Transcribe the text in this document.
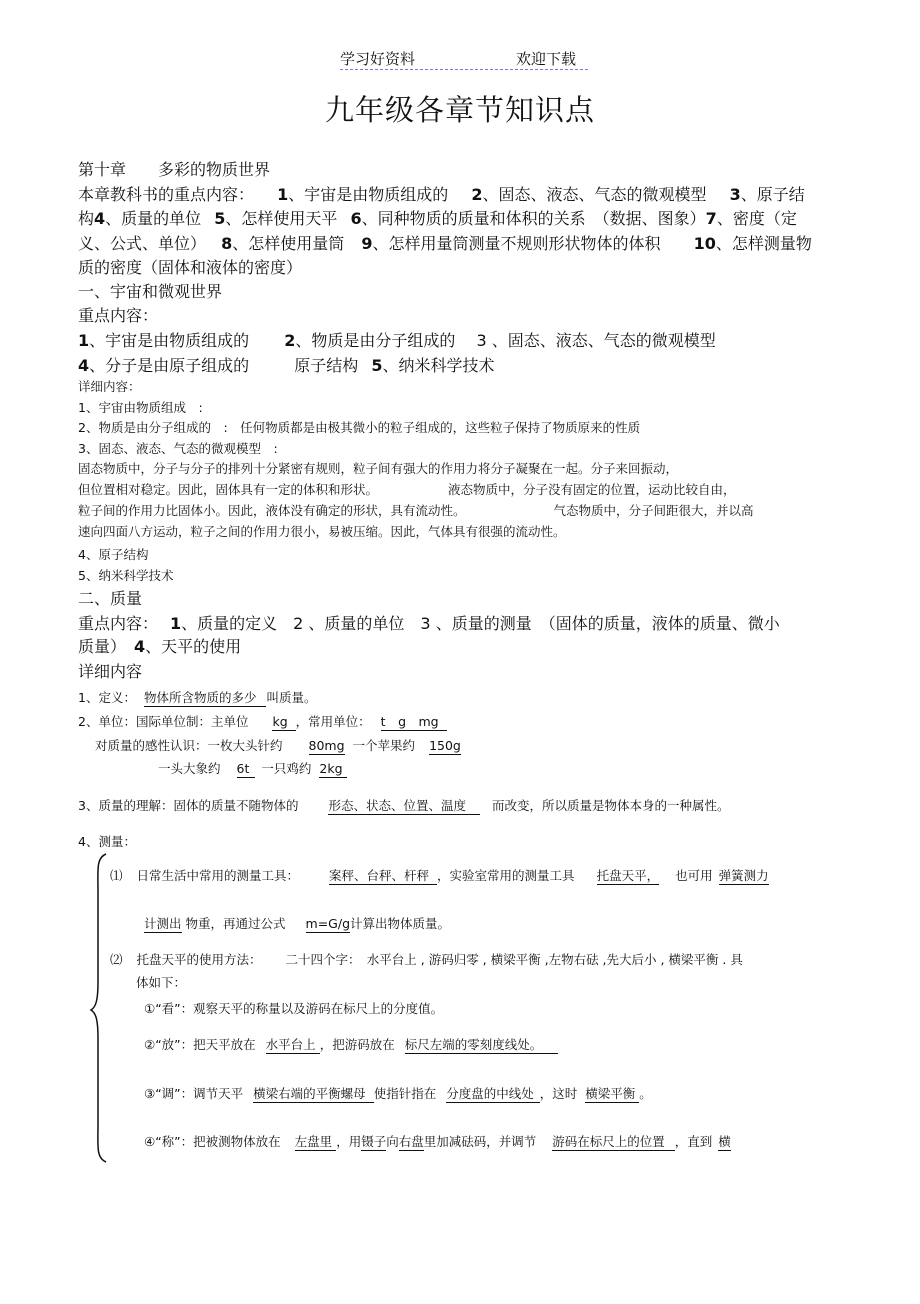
学习好资料	欢迎下载
九年级各章节知识点
第十章　　多彩的物质世界
本章教科书的重点内容： 1、宇宙是由物质组成的 2、固态、液态、气态的微观模型 3、原子结
构4、质量的单位 5、怎样使用天平 6、同种物质的质量和体积的关系　（数据、图象）7、密度（定
义、公式、单位） 8、怎样使用量筒 9、怎样用量筒测量不规则形状物体的体积 10、怎样测量物
质的密度（固体和液体的密度）
一、宇宙和微观世界
重点内容：
1、宇宙是由物质组成的 2、物质是由分子组成的 3 、固态、液态、气态的微观模型
4、分子是由原子组成的	原子结构 5、纳米科学技术
详细内容：
1、宇宙由物质组成　:
2、物质是由分子组成的　:　任何物质都是由极其微小的粒子组成的，这些粒子保持了物质原来的性质
3、固态、液态、气态的微观模型　:
固态物质中，分子与分子的排列十分紧密有规则，粒子间有强大的作用力将分子凝聚在一起。分子来回振动，
但位置相对稳定。因此，固体具有一定的体积和形状。	液态物质中，分子没有固定的位置，运动比较自由，
粒子间的作用力比固体小。因此，液体没有确定的形状，具有流动性。	气态物质中，分子间距很大，并以高
速向四面八方运动，粒子之间的作用力很小，易被压缩。因此，气体具有很强的流动性。
4、原子结构
5、纳米科学技术
二、质量
重点内容： 1、质量的定义　2 、质量的单位　3 、质量的测量　（固体的质量，液体的质量、微小
质量） 4、天平的使用
详细内容
1、定义： 物体所含物质的多少 叫质量。
2、单位：国际单位制：主单位 kg ，常用单位： t　g　mg
对质量的感性认识：一枚大头针约 80mg 一个苹果约 150g
一头大象约 6t 一只鸡约 2kg
3、质量的理解：固体的质量不随物体的 形态、状态、位置、温度 而改变，所以质量是物体本身的一种属性。
4、测量：
⑴ 日常生活中常用的测量工具： 案秤、台秤、杆秤 ，实验室常用的测量工具 托盘天平， 也可用 弹簧测力
计测出 物重，再通过公式 m=G/g计算出物体质量。
⑵ 托盘天平的使用方法： 二十四个字：　水平台上 , 游码归零 , 横梁平衡 ,左物右砝 ,先大后小 , 横梁平衡 . 具
体如下：
①“看”：观察天平的称量以及游码在标尺上的分度值。
②“放”：把天平放在 水平台上 ，把游码放在 标尺左端的零刻度线处。
③“调”：调节天平 横梁右端的平衡螺母 使指针指在 分度盘的中线处 ，这时 横梁平衡 。
④“称”：把被测物体放在 左盘里 ，用镊子向右盘里加减砝码，并调节 游码在标尺上的位置 ，直到 横
